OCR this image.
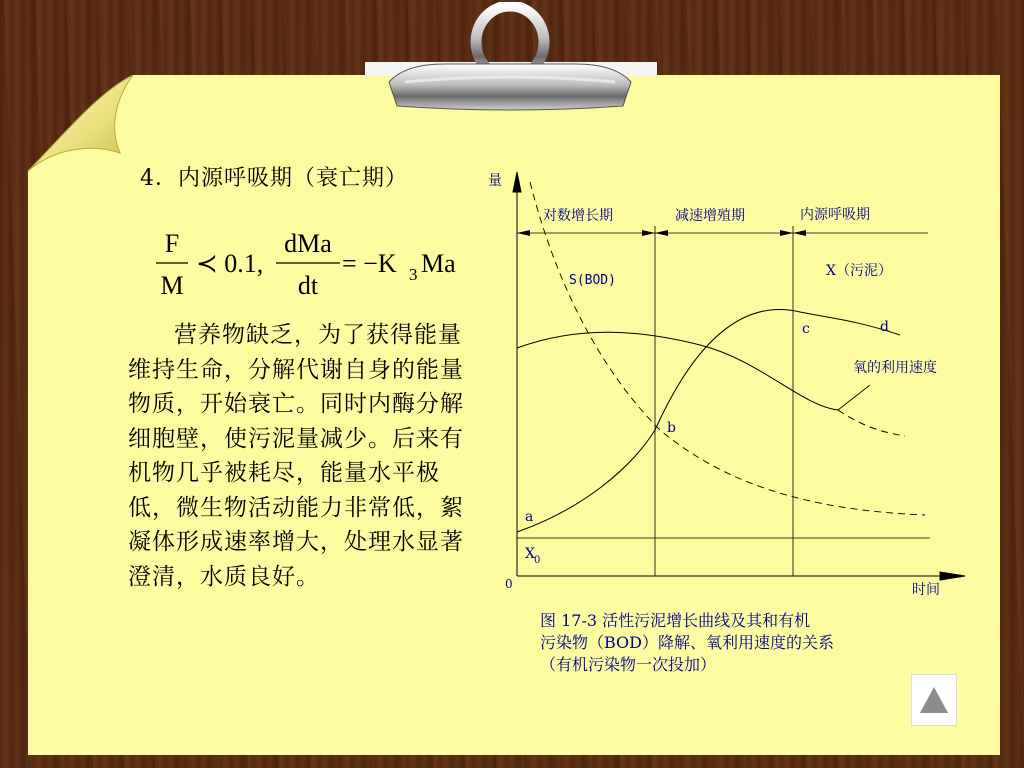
4．内源呼吸期（衰亡期）
F
M
≺ 0.1,
dMa
dt
= −K 3 Ma
营养物缺乏，为了获得能量维持生命，分解代谢自身的能量物质，开始衰亡。同时内酶分解细胞壁，使污泥量减少。后来有机物几乎被耗尽，能量水平极低，微生物活动能力非常低，絮凝体形成速率增大，处理水显著澄清，水质良好。
量
0	时间
对数增长期	减速增殖期	内源呼吸期
S(BOD)
X（污泥）
氧的利用速度
X 0
a
b
c	d
图 17-3 活性污泥增长曲线及其和有机
污染物（BOD）降解、氧利用速度的关系
（有机污染物一次投加）
